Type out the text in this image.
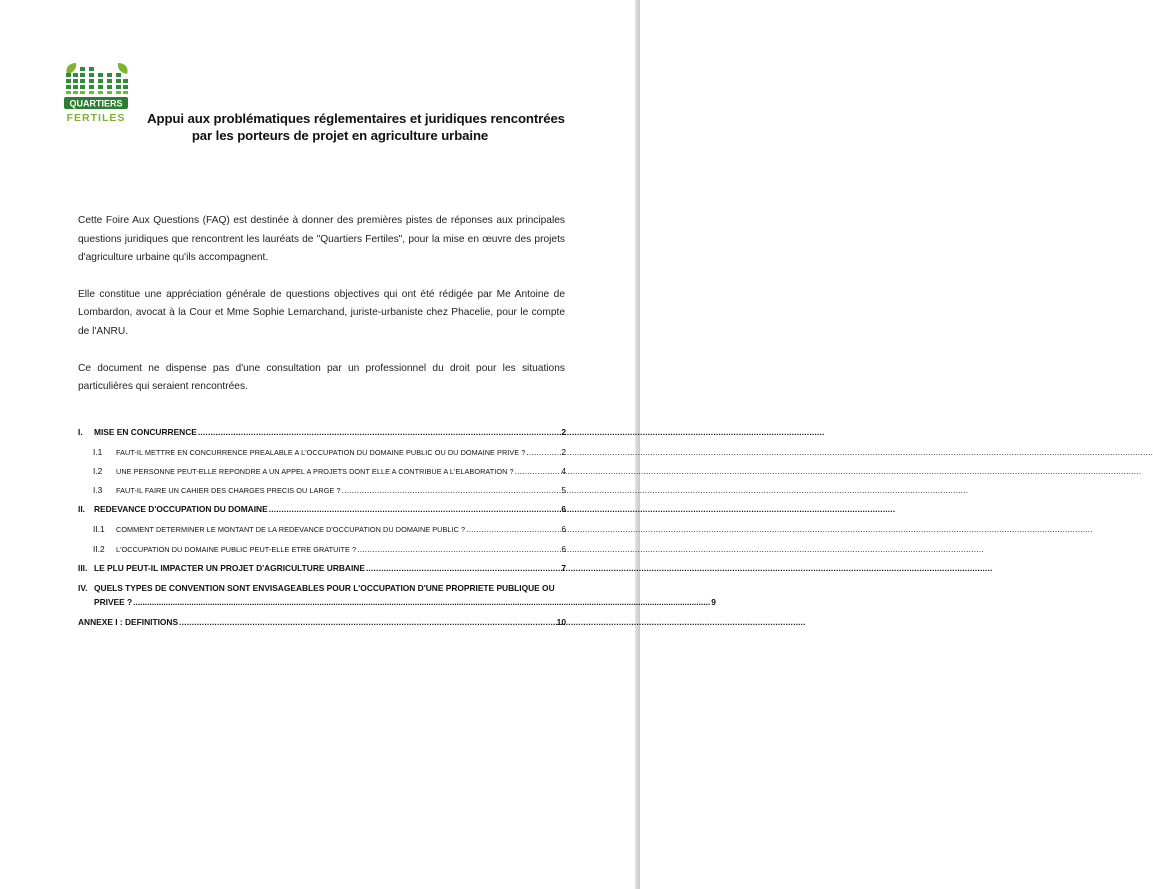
QUARTIERS
FERTILES	Appui aux problématiques réglementaires et juridiques rencontrées
par les porteurs de projet en agriculture urbaine

Cette Foire Aux Questions (FAQ) est destinée à donner des premières pistes de réponses aux principales questions juridiques que rencontrent les lauréats de "Quartiers Fertiles", pour la mise en œuvre des projets d'agriculture urbaine qu'ils accompagnent.

Elle constitue une appréciation générale de questions objectives qui ont été rédigée par Me Antoine de Lombardon, avocat à la Cour et Mme Sophie Lemarchand, juriste-urbaniste chez Phacelie, pour le compte de l'ANRU.

Ce document ne dispense pas d'une consultation par un professionnel du droit pour les situations particulières qui seraient rencontrées.

I.	MISE EN CONCURRENCE .....	2
I.1	FAUT-IL METTRE EN CONCURRENCE PREALABLE A L'OCCUPATION DU DOMAINE PUBLIC OU DU DOMAINE PRIVE ? .....	2
I.2	UNE PERSONNE PEUT-ELLE REPONDRE A UN APPEL A PROJETS DONT ELLE A CONTRIBUE A L'ELABORATION ? .....	4
I.3	FAUT-IL FAIRE UN CAHIER DES CHARGES PRECIS OU LARGE ? .....	5
II.	REDEVANCE D'OCCUPATION DU DOMAINE .....	6
II.1	COMMENT DETERMINER LE MONTANT DE LA REDEVANCE D'OCCUPATION DU DOMAINE PUBLIC ? .....	6
II.2	L'OCCUPATION DU DOMAINE PUBLIC PEUT-ELLE ETRE GRATUITE ? .....	6
III. LE PLU PEUT-IL IMPACTER UN PROJET D'AGRICULTURE URBAINE .....	7
IV. QUELS TYPES DE CONVENTION SONT ENVISAGEABLES POUR L'OCCUPATION D'UNE PROPRIETE PUBLIQUE OU
PRIVEE ? ........................................................................................................................................................................................................................................................ 9
ANNEXE I : DEFINITIONS .....	10
